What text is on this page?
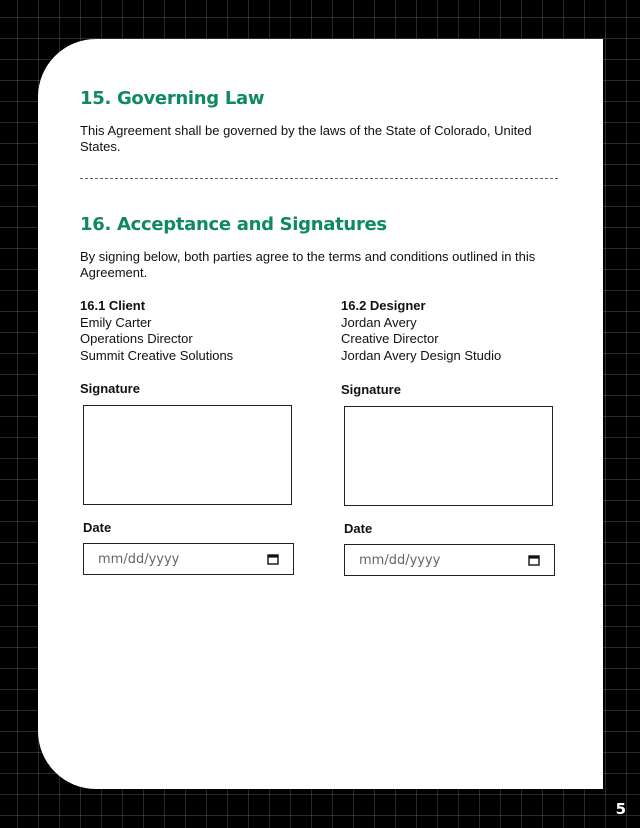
15. Governing Law

This Agreement shall be governed by the laws of the State of Colorado, United States.

16. Acceptance and Signatures

By signing below, both parties agree to the terms and conditions outlined in this Agreement.

16.1 Client
Emily Carter
Operations Director
Summit Creative Solutions
Signature
Date
mm/dd/yyyy
16.2 Designer
Jordan Avery
Creative Director
Jordan Avery Design Studio
Signature
Date
mm/dd/yyyy
5
